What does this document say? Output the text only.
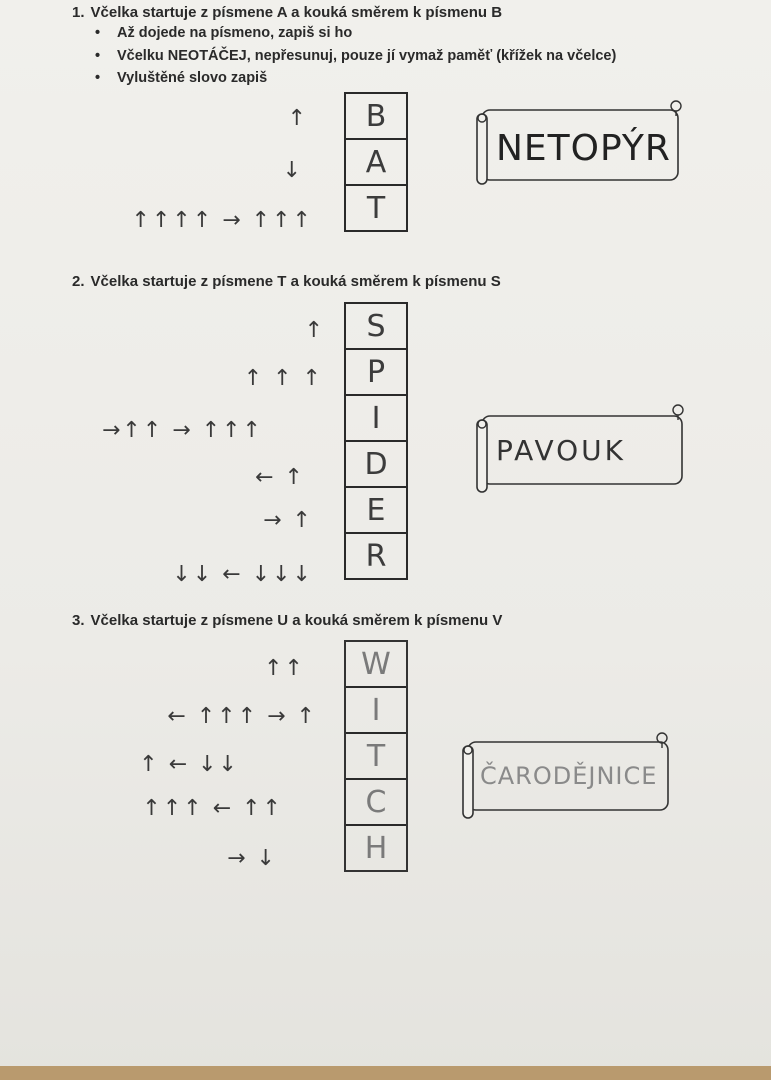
1. Včelka startuje z písmene A a kouká směrem k písmenu B
• Až dojede na písmeno, zapiš si ho
• Včelku NEOTÁČEJ, nepřesunuj, pouze jí vymaž paměť (křížek na včelce)
• Vyluštěné slovo zapiš
↑
↓
↑↑↑↑ → ↑↑↑
B
A
T
NETOPÝR
2. Včelka startuje z písmene T a kouká směrem k písmenu S
↑
↑ ↑ ↑
→↑↑ → ↑↑↑
← ↑
→ ↑
↓↓ ← ↓↓↓
S
P
I
D
E
R
PAVOUK
3. Včelka startuje z písmene U a kouká směrem k písmenu V
↑↑
← ↑↑↑ → ↑
↑ ← ↓↓
↑↑↑ ← ↑↑
→ ↓
W
I
T
C
H
ČARODĚJNICE
